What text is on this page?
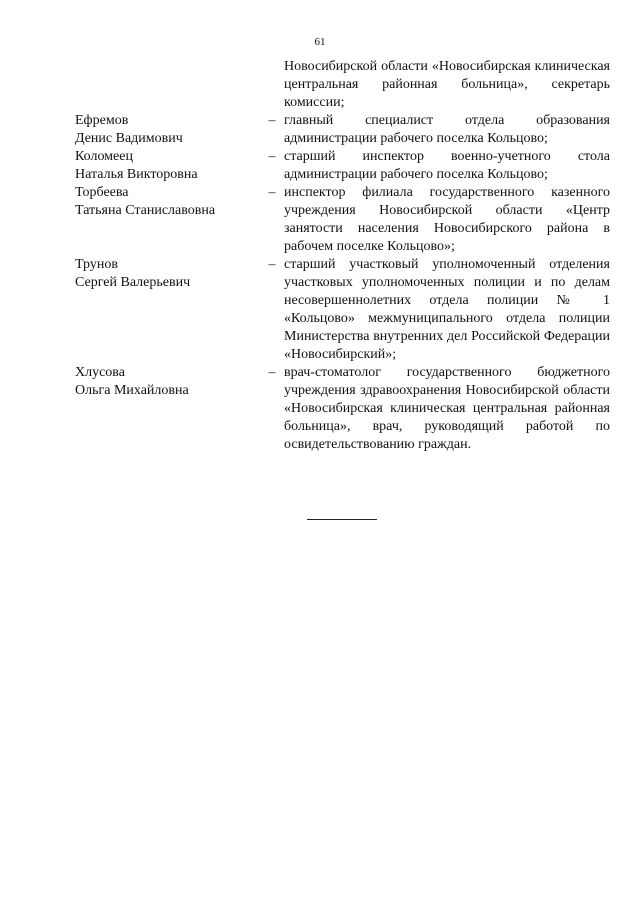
61
Новосибирской области «Новосибирская клиническая центральная районная больница», секретарь комиссии;
Ефремов
Денис Вадимович
– главный специалист отдела образования администрации рабочего поселка Кольцово;
Коломеец
Наталья Викторовна
– старший инспектор военно-учетного стола администрации рабочего поселка Кольцово;
Торбеева
Татьяна Станиславовна
– инспектор филиала государственного казенного учреждения Новосибирской области «Центр занятости населения Новосибирского района в рабочем поселке Кольцово»;
Трунов
Сергей Валерьевич
– старший участковый уполномоченный отделения участковых уполномоченных полиции и по делам несовершеннолетних отдела полиции № 1 «Кольцово» межмуниципального отдела полиции Министерства внутренних дел Российской Федерации «Новосибирский»;
Хлусова
Ольга Михайловна
– врач-стоматолог государственного бюджетного учреждения здравоохранения Новосибирской области «Новосибирская клиническая центральная районная больница», врач, руководящий работой по освидетельствованию граждан.
